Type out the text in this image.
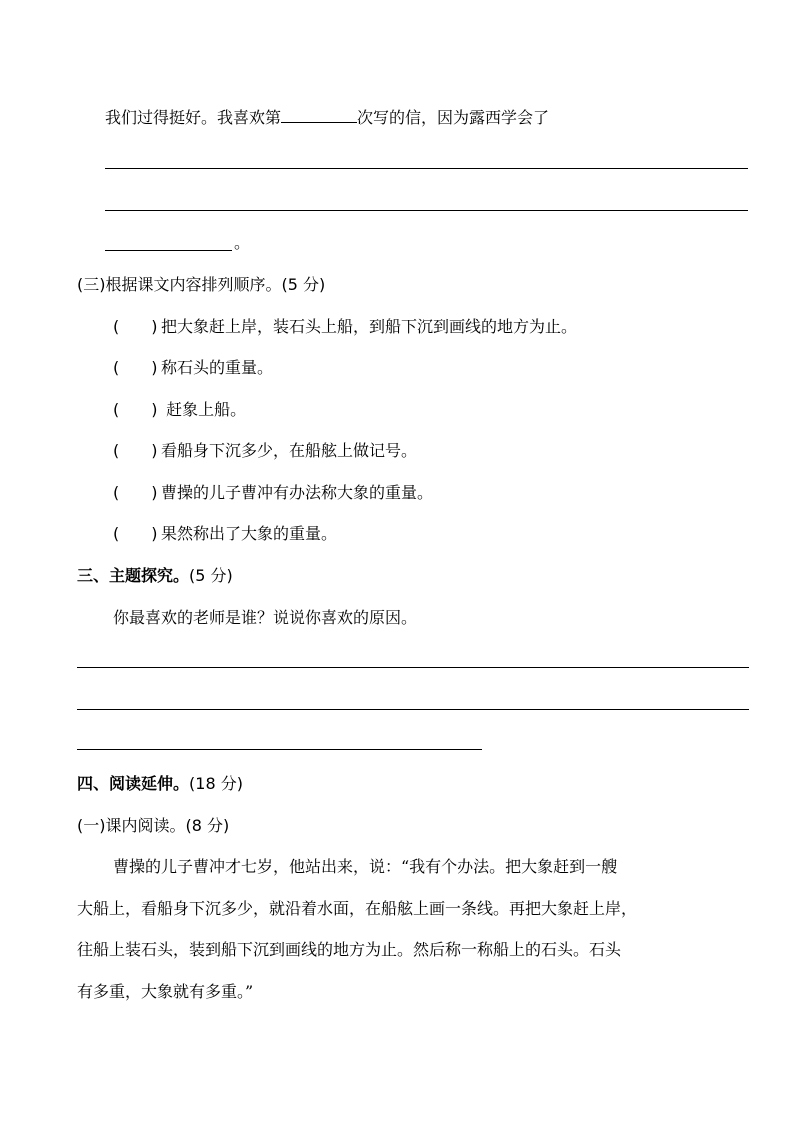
我们过得挺好。我喜欢第	次写的信，因为露西学会了
。
(三)根据课文内容排列顺序。(5 分)
(　　) 把大象赶上岸，装石头上船，到船下沉到画线的地方为止。
(　　) 称石头的重量。
(　　) 赶象上船。
(　　) 看船身下沉多少，在船舷上做记号。
(　　) 曹操的儿子曹冲有办法称大象的重量。
(　　) 果然称出了大象的重量。
三、主题探究。(5 分)
你最喜欢的老师是谁？说说你喜欢的原因。
四、阅读延伸。(18 分)
(一)课内阅读。(8 分)
曹操的儿子曹冲才七岁，他站出来，说：“我有个办法。把大象赶到一艘
大船上，看船身下沉多少，就沿着水面，在船舷上画一条线。再把大象赶上岸，
往船上装石头，装到船下沉到画线的地方为止。然后称一称船上的石头。石头
有多重，大象就有多重。”
